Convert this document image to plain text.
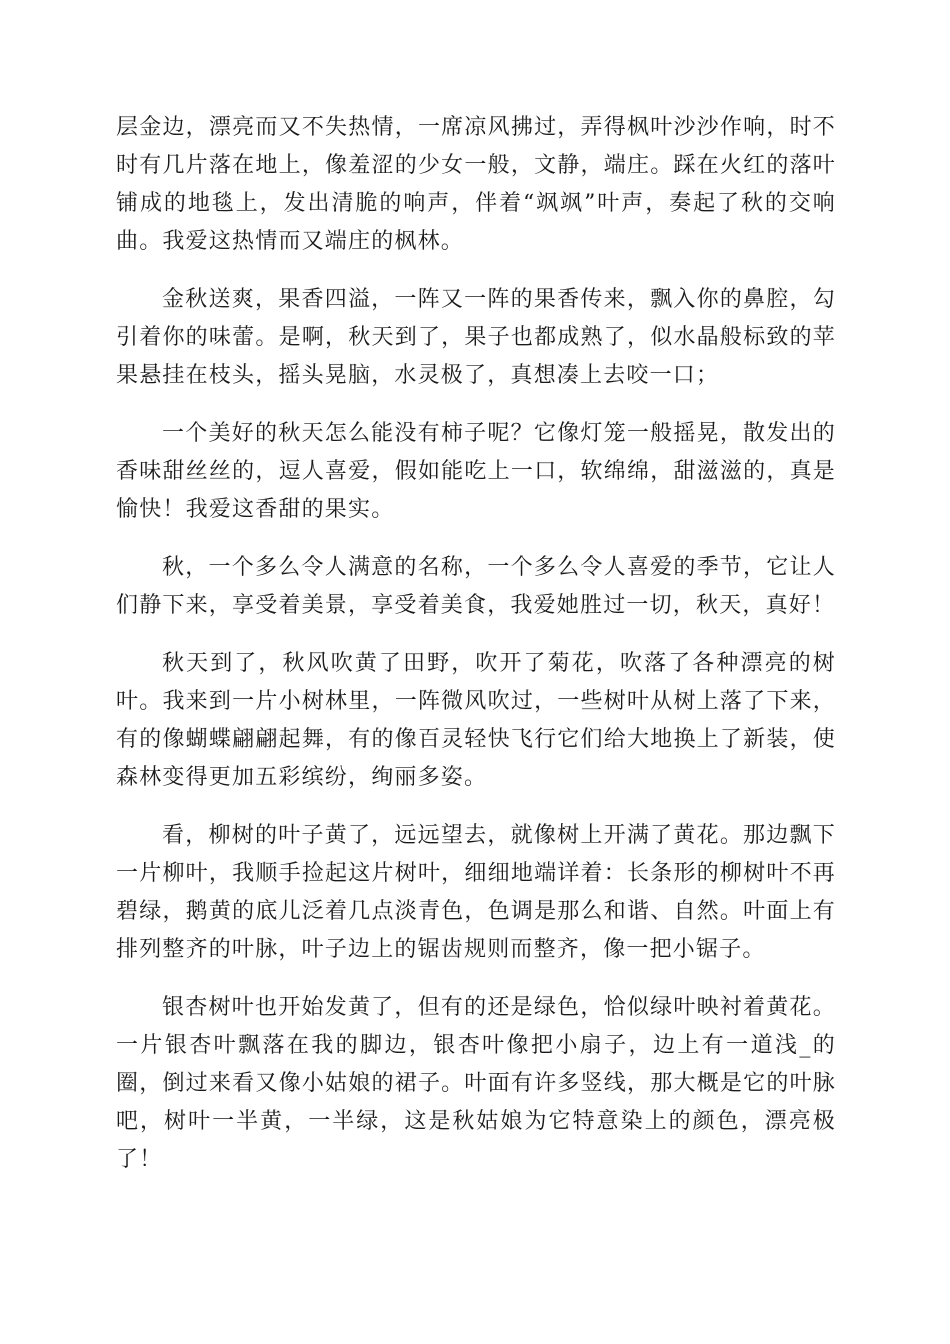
层金边，漂亮而又不失热情，一席凉风拂过，弄得枫叶沙沙作响，时不时有几片落在地上，像羞涩的少女一般，文静，端庄。踩在火红的落叶铺成的地毯上，发出清脆的响声，伴着“飒飒”叶声，奏起了秋的交响曲。我爱这热情而又端庄的枫林。

金秋送爽，果香四溢，一阵又一阵的果香传来，飘入你的鼻腔，勾引着你的味蕾。是啊，秋天到了，果子也都成熟了，似水晶般标致的苹果悬挂在枝头，摇头晃脑，水灵极了，真想凑上去咬一口；

一个美好的秋天怎么能没有柿子呢？它像灯笼一般摇晃，散发出的香味甜丝丝的，逗人喜爱，假如能吃上一口，软绵绵，甜滋滋的，真是愉快！我爱这香甜的果实。

秋，一个多么令人满意的名称，一个多么令人喜爱的季节，它让人们静下来，享受着美景，享受着美食，我爱她胜过一切，秋天，真好！

秋天到了，秋风吹黄了田野，吹开了菊花，吹落了各种漂亮的树叶。我来到一片小树林里，一阵微风吹过，一些树叶从树上落了下来，有的像蝴蝶翩翩起舞，有的像百灵轻快飞行它们给大地换上了新装，使森林变得更加五彩缤纷，绚丽多姿。

看，柳树的叶子黄了，远远望去，就像树上开满了黄花。那边飘下一片柳叶，我顺手捡起这片树叶，细细地端详着：长条形的柳树叶不再碧绿，鹅黄的底儿泛着几点淡青色，色调是那么和谐、自然。叶面上有排列整齐的叶脉，叶子边上的锯齿规则而整齐，像一把小锯子。

银杏树叶也开始发黄了，但有的还是绿色，恰似绿叶映衬着黄花。一片银杏叶飘落在我的脚边，银杏叶像把小扇子，边上有一道浅_的圈，倒过来看又像小姑娘的裙子。叶面有许多竖线，那大概是它的叶脉吧，树叶一半黄，一半绿，这是秋姑娘为它特意染上的颜色，漂亮极了！
